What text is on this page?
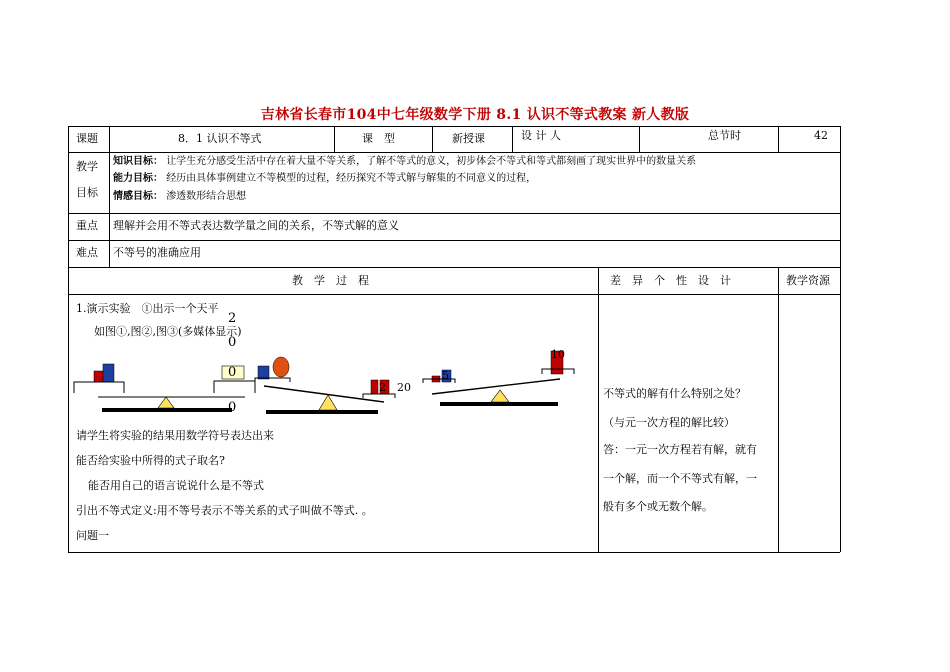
吉林省长春市104中七年级数学下册 8.1 认识不等式教案 新人教版
课题	8．1 认识不等式	课　型	新授课	设 计 人	总节时	42
教学
目标
知识目标： 让学生充分感受生活中存在着大量不等关系，了解不等式的意义，初步体会不等式和等式都刻画了现实世界中的数量关系
能力目标： 经历由具体事例建立不等模型的过程，经历探究不等式解与解集的不同意义的过程，
情感目标： 渗透数形结合思想
重点 理解并会用不等式表达数学量之间的关系，不等式解的意义
难点 不等号的准确应用
教　学　过　程	差　异　个　性　设　计	教学资源
1.演示实验　①出示一个天平
如图①,图②,图③(多媒体显示)
2
0
0
0
2 20
5
10
请学生将实验的结果用数学符号表达出来
能否给实验中所得的式子取名?
能否用自己的语言说说什么是不等式
引出不等式定义:用不等号表示不等关系的式子叫做不等式. 。
问题一
不等式的解有什么特别之处？
（与元一次方程的解比较）
答：一元一次方程若有解，就有
一个解，而一个不等式有解，一
般有多个或无数个解。
